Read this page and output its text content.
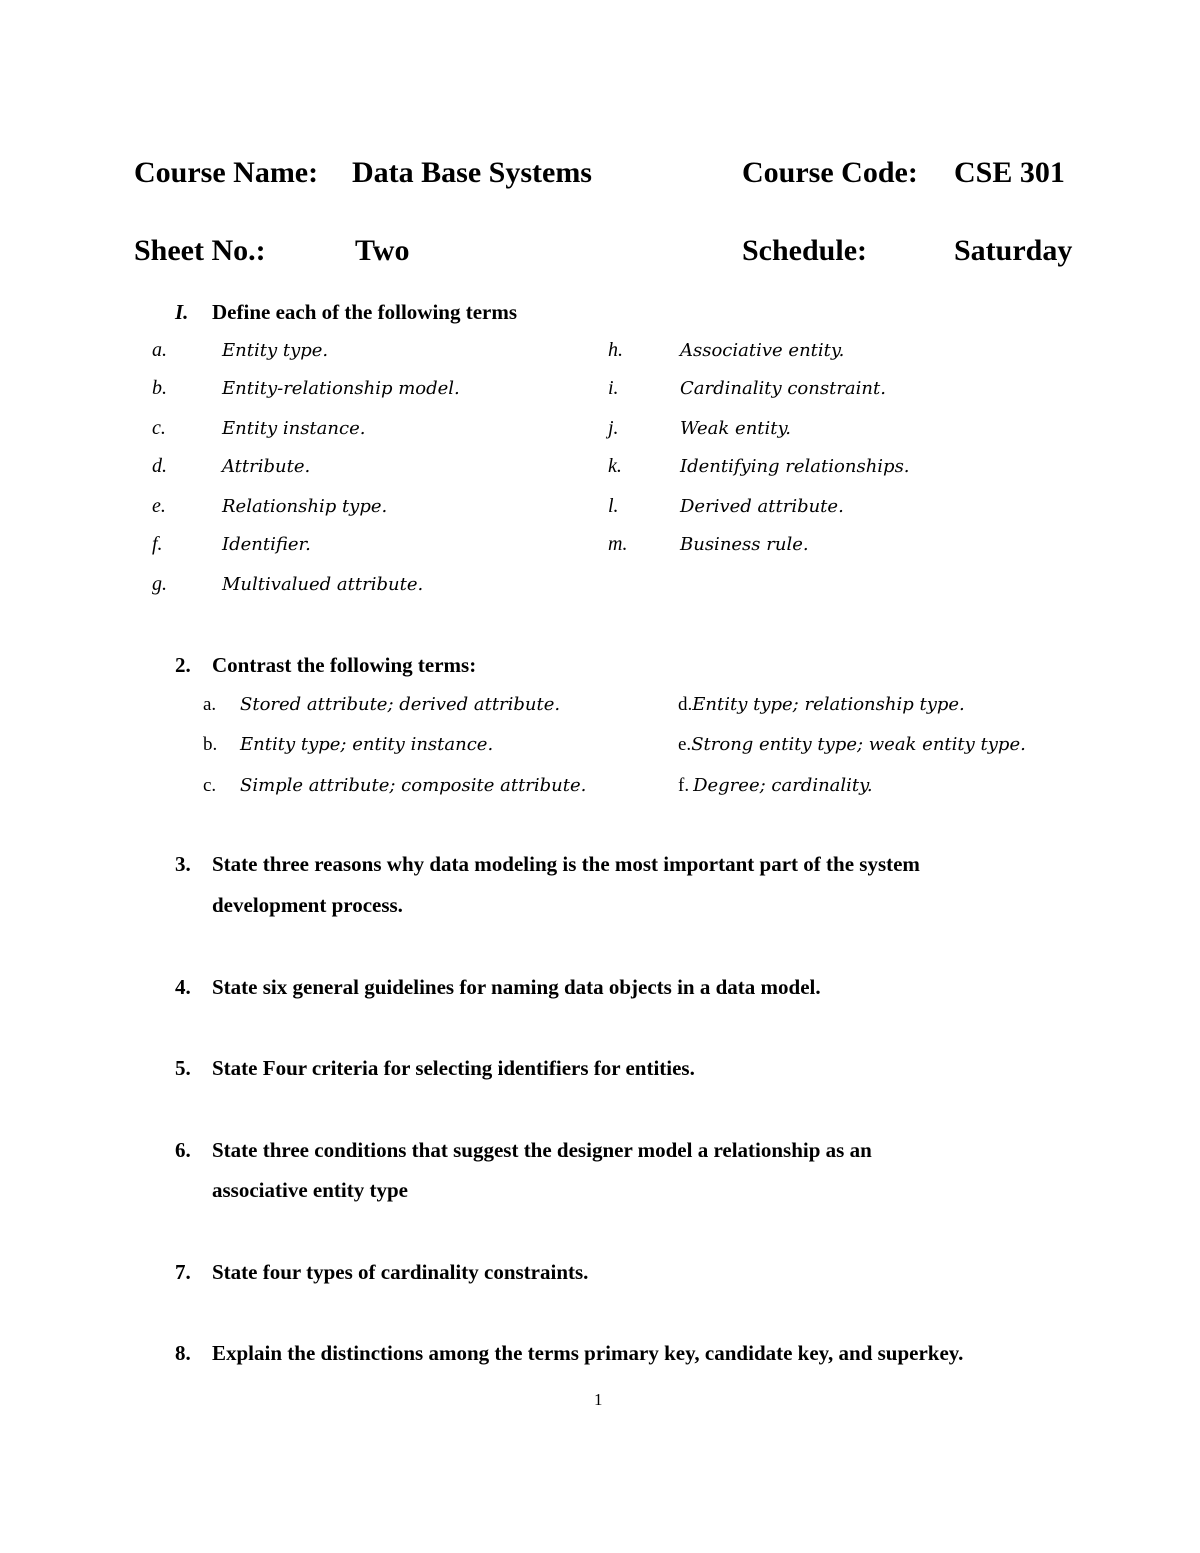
Course Name: Data Base Systems	Course Code: CSE 301
Sheet No.:	Two	Schedule:	Saturday
I. Define each of the following terms
a.	Entity type.
b.	Entity-relationship model.
c.	Entity instance.
d.	Attribute.
e.	Relationship type.
f.	Identifier.
g.	Multivalued attribute.
h.	Associative entity.
i.	Cardinality constraint.
j.	Weak entity.
k.	Identifying relationships.
l.	Derived attribute.
m.	Business rule.
2. Contrast the following terms:
a. Stored attribute; derived attribute.
b. Entity type; entity instance.
c. Simple attribute; composite attribute.
d.Entity type; relationship type.
e.Strong entity type; weak entity type.
f. Degree; cardinality.
3. State three reasons why data modeling is the most important part of the system
development process.
4. State six general guidelines for naming data objects in a data model.
5. State Four criteria for selecting identifiers for entities.
6. State three conditions that suggest the designer model a relationship as an
associative entity type
7. State four types of cardinality constraints.
8. Explain the distinctions among the terms primary key, candidate key, and superkey.
1
